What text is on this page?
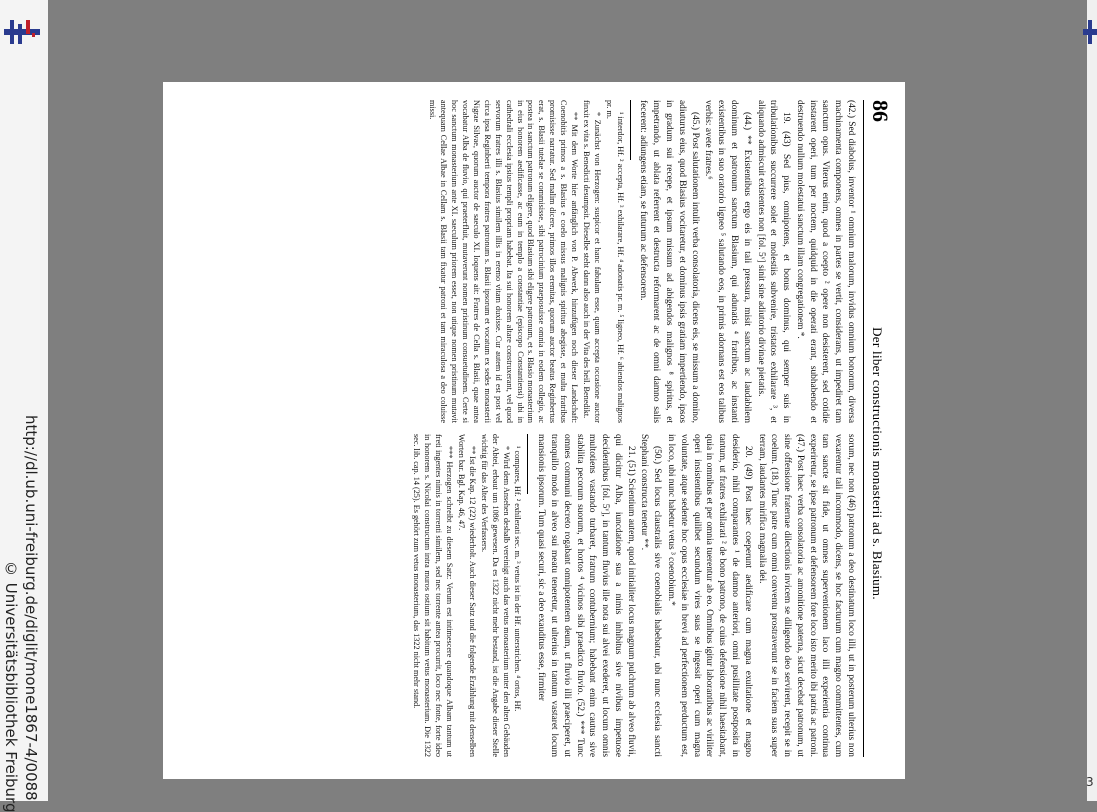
http://dl.ub.uni-freiburg.de/diglit/mone1867-4/0088
© Universitätsbibliothek Freiburg	3
86
Der liber constructionis monasterii ad s. Blasium.

(42.) Sed diabolus, inventor ¹ omnium malorum, invidus omnium bonorum, diversa machinamenta componens, omnes in partes se vertit, considerans, ut impediret tam sanctum opus. Viterus enim, quod a coepto ² opere non desisterent, sed cotidie instarent operi, tum per noctem, quidquid in die operati erant, subhabendo et destruendo nullum molestatui sanctum illam congregationem *.

19. (43) Sed pius, omnipotens, et bonus dominus, qui semper suis in tribulationibus succurrere solet et molestiis subvenire, tristatos exhilarare ³, et aliquando admiscuit existentes non [fol. 5ᵛ] sinit sine adiutorio divinae pietatis.

(44.) ** Existentibus ergo eis in tali pressura, misit sanctum ac laudabilem dominum et patronum sanctum Blasium, qui adunatis ⁴ fratribus, ac instanti existentibus in suo oratorio ligneo ⁵ salutando eos, in primis adornans est eos talibus verbis: avete fratres.⁶

(45.) Post salutationem intulit verba consolatoria, dicens eis, se missum a domino, adiuturus eius, quod Blasius vocitaretur, et dominus ipsis gratiam impertiendo, ipsos in gradum sui recepe, et ipsum missum ad abigendos malignos ⁸ spiritus, et impetrando, ut ablata referrent et destructa reformarent ac de omni damno salis fecerent: adiungens etiam, se futurum ac defensorem.

¹ interdor, Hf. ² accepta, Hf. ³ exhilarare, Hf. ⁴ adonatis pr. m. ⁵ ligneo, Hf. ⁶ abiendos malignos pr. m.

* Zunächst von Herzogen: suspicor et hanc fabulam esse, quam accepta occasione auctor finxit ex vita s. Benedicti desumpsit. Dieselbe steht dann also auch in der Vita des heil. Benedikt.

** Mit dem Worte hier anfänglich von P. Abwerk, hinzufügen noch dieser Landschaft: Coenobitis primos a s. Blasius e coelo missus malignis spiritus abegisse, et multa fratribus promisisse narratur. Sed malim dicere, primos illos eremitas, quorum auctor beatus Reginbertus erat, s. Blasii tutelae se commisisse, sibi patrocinium praeposuisse omnia in eodem collegio, ac postea in sanctum patronum eligere, quod Blasium sibi eligere patronum, et s. Blasio monasterium in eius honorem aedificasse, ac eum in templo a constantiae (episcopo Constantiensi) ubi in cathedrali ecclesia ipsius templi propriam habebat. Ita sui honorem altare construxerant, vel quod servorum fratres illi s. Blasius similem illis in eremo vitam duxisse. Cur autem id est post vel circa ipsa Reginberti tempora fratres patronum s. Blasii ipsorum et vocatum ex sedes monasterii Nigrae Silvae, quorum auctor de saeculo XI. loquens ait: Fratres de Cella s. Blasii, quae antea vocabatur Alba de fluvio, qui praeterfluit, mutaverunt nomen pristinum consuetudinem. Certe si hoc sanctum monasterium ante XI. saeculum priorem esset, non utique nomen pristinum mutavit antequam Cellae Albae in Cellam s. Blasii tam fixatur patroni et tam miraculosa a deo coluisse missi.

sorum, nec non (46) patronum a deo destinatum loco illi, ut in posterum ulterius non vexarentur tali incommodo, dicens, se hoc facturum cum magno committentes, cum tam sancte sit fide, ut omnes superventionem laco illi experientia continua experiretur, se ipse patronum et defensorem fore loco isto merito ibi patris ac patroni. (47.) Post haec verba consolatoria ac amonitione paterna, sicut decebat patronum, ut sine offensione fraternae dilectionis invicem se diligendo deo servirent, recepit se in coelum. (18.) Tunc patre cum omni conventu prostraverunt se in faciem suas super terram, laudantes mirifica magnalia dei.

20. (49) Post haec coeperunt aedificare cum magna exultatione et magno desiderio, nihil comparantes ¹ de damno anteriori, omni pusillitate postposita in tantum, ut fratres exhilarati ² de bono patrono, de cuius defensione nihil haesitabant, quia in omnibus et per omnia tuerentur ab eo. Omnibus igitur laborantibus ac viriliter operi insistentibus quilibet secundum vires suas se ingessit operi cum magna voluntate, atque sedente hoc opus ecclesiae in brevi ad perfectionem perductum est, in loco, ubi nunc habetur vetus ³ coenobium.*

(50.) Sed locus claustralis sive coenobialis habebatur, ubi nunc ecclesia sancti Stephani constructa tenetur **.

21. (51) Scientium autem, quod initialiter locus magnum pulchrum ab alveo fluvii, qui dicitur Alba, iuncdatione sua a nimis inhibitus sive nivibus impetuose decidentibus [fol. 5ᵛ], in tantum fluvius ille nota sui alvei exederet, ut locum omnis multotiens vastando turbaret, fratrum contubernium; habebant enim cautus sive stabilita pecorum suorum, et hortos ⁴ vicinos sibi praedicto fluvio. (52.) *** Tunc omnes communi decreto rogabant omnipotentem deum, ut fluvio illi praeciperet, ut tranquillo modo in alveo sui meatu teneretur, ut ulterius in tantum vastaret locum mansionis ipsorum. Tum quasi securi, sic a deo exauditus esse, firmiter

¹ compares, Hf. ² exhilerati sec. m. ³ vetus ist in der Hf. unterstrichen. ⁴ ortos, Hf.

* Wird dem Ansehen deshalb vereinigt auch das vetus monasterium unter den alten Gebäuden der Abtei, erbaut um 1086 gewesen. Da es 1322 nicht mehr bestand, ist die Angabe dieser Stelle wichtig für das Alter des Verfassers.

** Ist die Kap. 12 (22) wiederholt. Auch dieser Satz und die folgende Erzählung mit denselben Worten bar. Bgl. Kap. 46, 47.

*** Herzogen schreibt zu diesem Satz: Verum est intimescere quandoque Albam tantum ut freti ingentes nimis in torrenti similem, sed nec torrente antea procurrit, loco nec fonte, forte ideo in honorem s. Nicolai constructum intra muros ostium sit habitum vetus monasterium. Die 1322 sec. lib. cap. 14 (25). Es gehört zum vetus monasterium, das 1322 nicht mehr stand.
